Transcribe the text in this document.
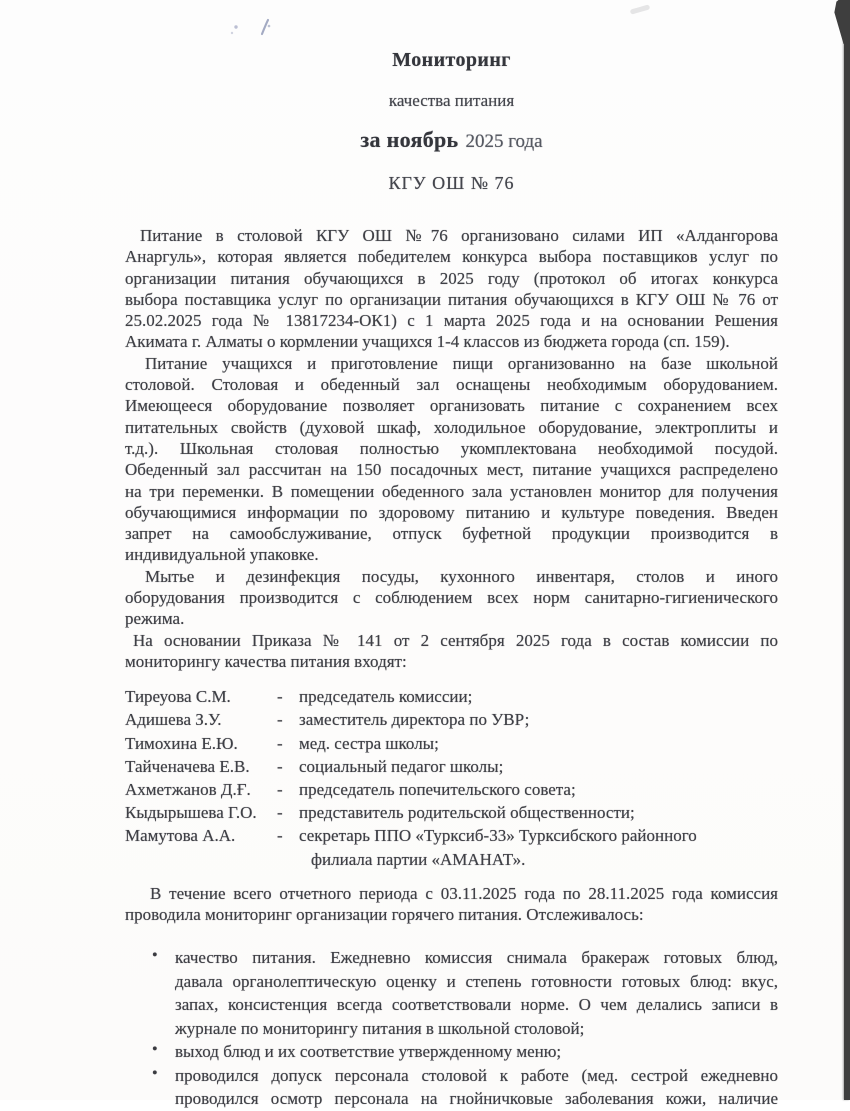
Мониторинг
качества питания
за ноябрь 2025 года
КГУ ОШ № 76
Питание в столовой КГУ ОШ №76 организовано силами ИП «Алдангорова
Анаргуль», которая является победителем конкурса выбора поставщиков услуг по
организации питания обучающихся в 2025 году (протокол об итогах конкурса
выбора поставщика услуг по организации питания обучающихся в КГУ ОШ № 76 от
25.02.2025 года № 13817234-ОК1) с 1 марта 2025 года и на основании Решения
Акимата г. Алматы о кормлении учащихся 1-4 классов из бюджета города (сп. 159).
Питание учащихся и приготовление пищи организованно на базе школьной
столовой. Столовая и обеденный зал оснащены необходимым оборудованием.
Имеющееся оборудование позволяет организовать питание с сохранением всех
питательных свойств (духовой шкаф, холодильное оборудование, электроплиты и
т.д.). Школьная столовая полностью укомплектована необходимой посудой.
Обеденный зал рассчитан на 150 посадочных мест, питание учащихся распределено
на три переменки. В помещении обеденного зала установлен монитор для получения
обучающимися информации по здоровому питанию и культуре поведения. Введен
запрет на самообслуживание, отпуск буфетной продукции производится в
индивидуальной упаковке.
Мытье и дезинфекция посуды, кухонного инвентаря, столов и иного
оборудования производится с соблюдением всех норм санитарно-гигиенического
режима.
На основании Приказа № 141 от 2 сентября 2025 года в состав комиссии по
мониторингу качества питания входят:
Тиреуова С.М.	- председатель комиссии;
Адишева З.У.	- заместитель директора по УВР;
Тимохина Е.Ю.	- мед. сестра школы;
Тайченачева Е.В.	- социальный педагог школы;
Ахметжанов Д.Ғ.	- председатель попечительского совета;
Кыдырышева Г.О.	- представитель родительской общественности;
Мамутова А.А.	- секретарь ППО «Турксиб-33» Турксибского районного
филиала партии «АМАНАТ».
В течение всего отчетного периода с 03.11.2025 года по 28.11.2025 года комиссия
проводила мониторинг организации горячего питания. Отслеживалось:
• качество питания. Ежедневно комиссия снимала бракераж готовых блюд,
давала органолептическую оценку и степень готовности готовых блюд: вкус,
запах, консистенция всегда соответствовали норме. О чем делались записи в
журнале по мониторингу питания в школьной столовой;
• выход блюд и их соответствие утвержденному меню;
• проводился допуск персонала столовой к работе (мед. сестрой ежедневно
проводился осмотр персонала на гнойничковые заболевания кожи, наличие
